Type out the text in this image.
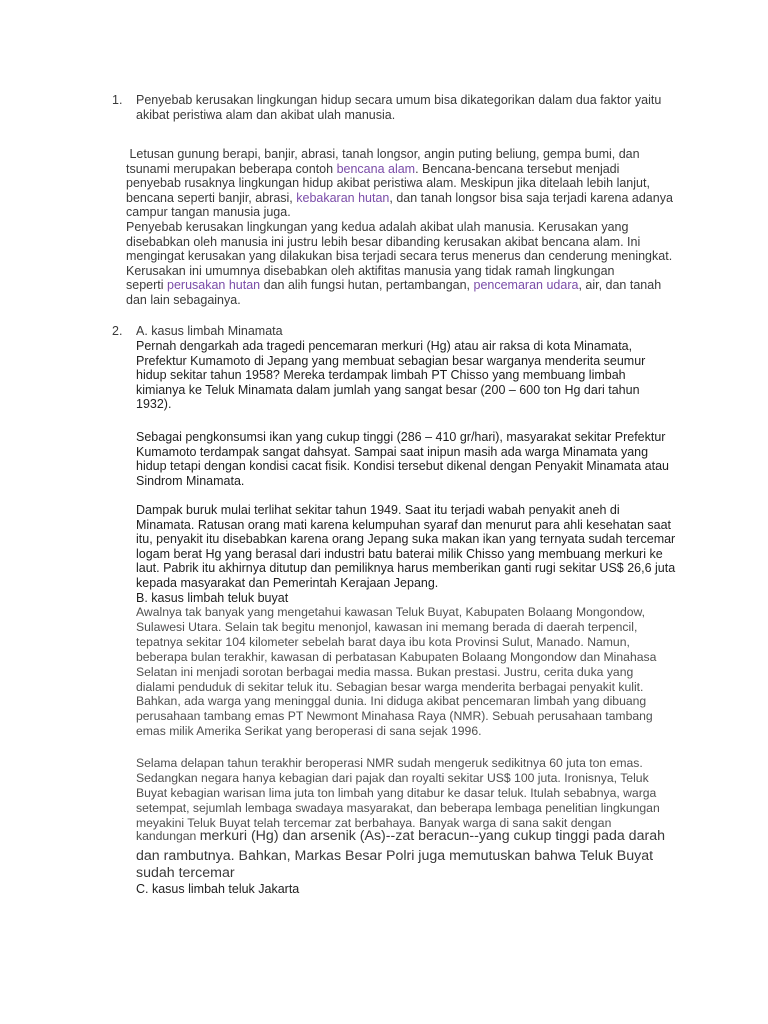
1. Penyebab kerusakan lingkungan hidup secara umum bisa dikategorikan dalam dua faktor yaitu
akibat peristiwa alam dan akibat ulah manusia.
Letusan gunung berapi, banjir, abrasi, tanah longsor, angin puting beliung, gempa bumi, dan
tsunami merupakan beberapa contoh bencana alam. Bencana-bencana tersebut menjadi
penyebab rusaknya lingkungan hidup akibat peristiwa alam. Meskipun jika ditelaah lebih lanjut,
bencana seperti banjir, abrasi, kebakaran hutan, dan tanah longsor bisa saja terjadi karena adanya
campur tangan manusia juga.
Penyebab kerusakan lingkungan yang kedua adalah akibat ulah manusia. Kerusakan yang
disebabkan oleh manusia ini justru lebih besar dibanding kerusakan akibat bencana alam. Ini
mengingat kerusakan yang dilakukan bisa terjadi secara terus menerus dan cenderung meningkat.
Kerusakan ini umumnya disebabkan oleh aktifitas manusia yang tidak ramah lingkungan
seperti perusakan hutan dan alih fungsi hutan, pertambangan, pencemaran udara, air, dan tanah
dan lain sebagainya.
2. A. kasus limbah Minamata
Pernah dengarkah ada tragedi pencemaran merkuri (Hg) atau air raksa di kota Minamata,
Prefektur Kumamoto di Jepang yang membuat sebagian besar warganya menderita seumur
hidup sekitar tahun 1958? Mereka terdampak limbah PT Chisso yang membuang limbah
kimianya ke Teluk Minamata dalam jumlah yang sangat besar (200 – 600 ton Hg dari tahun
1932).
Sebagai pengkonsumsi ikan yang cukup tinggi (286 – 410 gr/hari), masyarakat sekitar Prefektur
Kumamoto terdampak sangat dahsyat. Sampai saat inipun masih ada warga Minamata yang
hidup tetapi dengan kondisi cacat fisik. Kondisi tersebut dikenal dengan Penyakit Minamata atau
Sindrom Minamata.
Dampak buruk mulai terlihat sekitar tahun 1949. Saat itu terjadi wabah penyakit aneh di
Minamata. Ratusan orang mati karena kelumpuhan syaraf dan menurut para ahli kesehatan saat
itu, penyakit itu disebabkan karena orang Jepang suka makan ikan yang ternyata sudah tercemar
logam berat Hg yang berasal dari industri batu baterai milik Chisso yang membuang merkuri ke
laut. Pabrik itu akhirnya ditutup dan pemiliknya harus memberikan ganti rugi sekitar US$ 26,6 juta
kepada masyarakat dan Pemerintah Kerajaan Jepang.
B. kasus limbah teluk buyat
Awalnya tak banyak yang mengetahui kawasan Teluk Buyat, Kabupaten Bolaang Mongondow,
Sulawesi Utara. Selain tak begitu menonjol, kawasan ini memang berada di daerah terpencil,
tepatnya sekitar 104 kilometer sebelah barat daya ibu kota Provinsi Sulut, Manado. Namun,
beberapa bulan terakhir, kawasan di perbatasan Kabupaten Bolaang Mongondow dan Minahasa
Selatan ini menjadi sorotan berbagai media massa. Bukan prestasi. Justru, cerita duka yang
dialami penduduk di sekitar teluk itu. Sebagian besar warga menderita berbagai penyakit kulit.
Bahkan, ada warga yang meninggal dunia. Ini diduga akibat pencemaran limbah yang dibuang
perusahaan tambang emas PT Newmont Minahasa Raya (NMR). Sebuah perusahaan tambang
emas milik Amerika Serikat yang beroperasi di sana sejak 1996.
Selama delapan tahun terakhir beroperasi NMR sudah mengeruk sedikitnya 60 juta ton emas.
Sedangkan negara hanya kebagian dari pajak dan royalti sekitar US$ 100 juta. Ironisnya, Teluk
Buyat kebagian warisan lima juta ton limbah yang ditabur ke dasar teluk. Itulah sebabnya, warga
setempat, sejumlah lembaga swadaya masyarakat, dan beberapa lembaga penelitian lingkungan
meyakini Teluk Buyat telah tercemar zat berbahaya. Banyak warga di sana sakit dengan
kandungan merkuri (Hg) dan arsenik (As)--zat beracun--yang cukup tinggi pada darah
dan rambutnya. Bahkan, Markas Besar Polri juga memutuskan bahwa Teluk Buyat
sudah tercemar
C. kasus limbah teluk Jakarta
